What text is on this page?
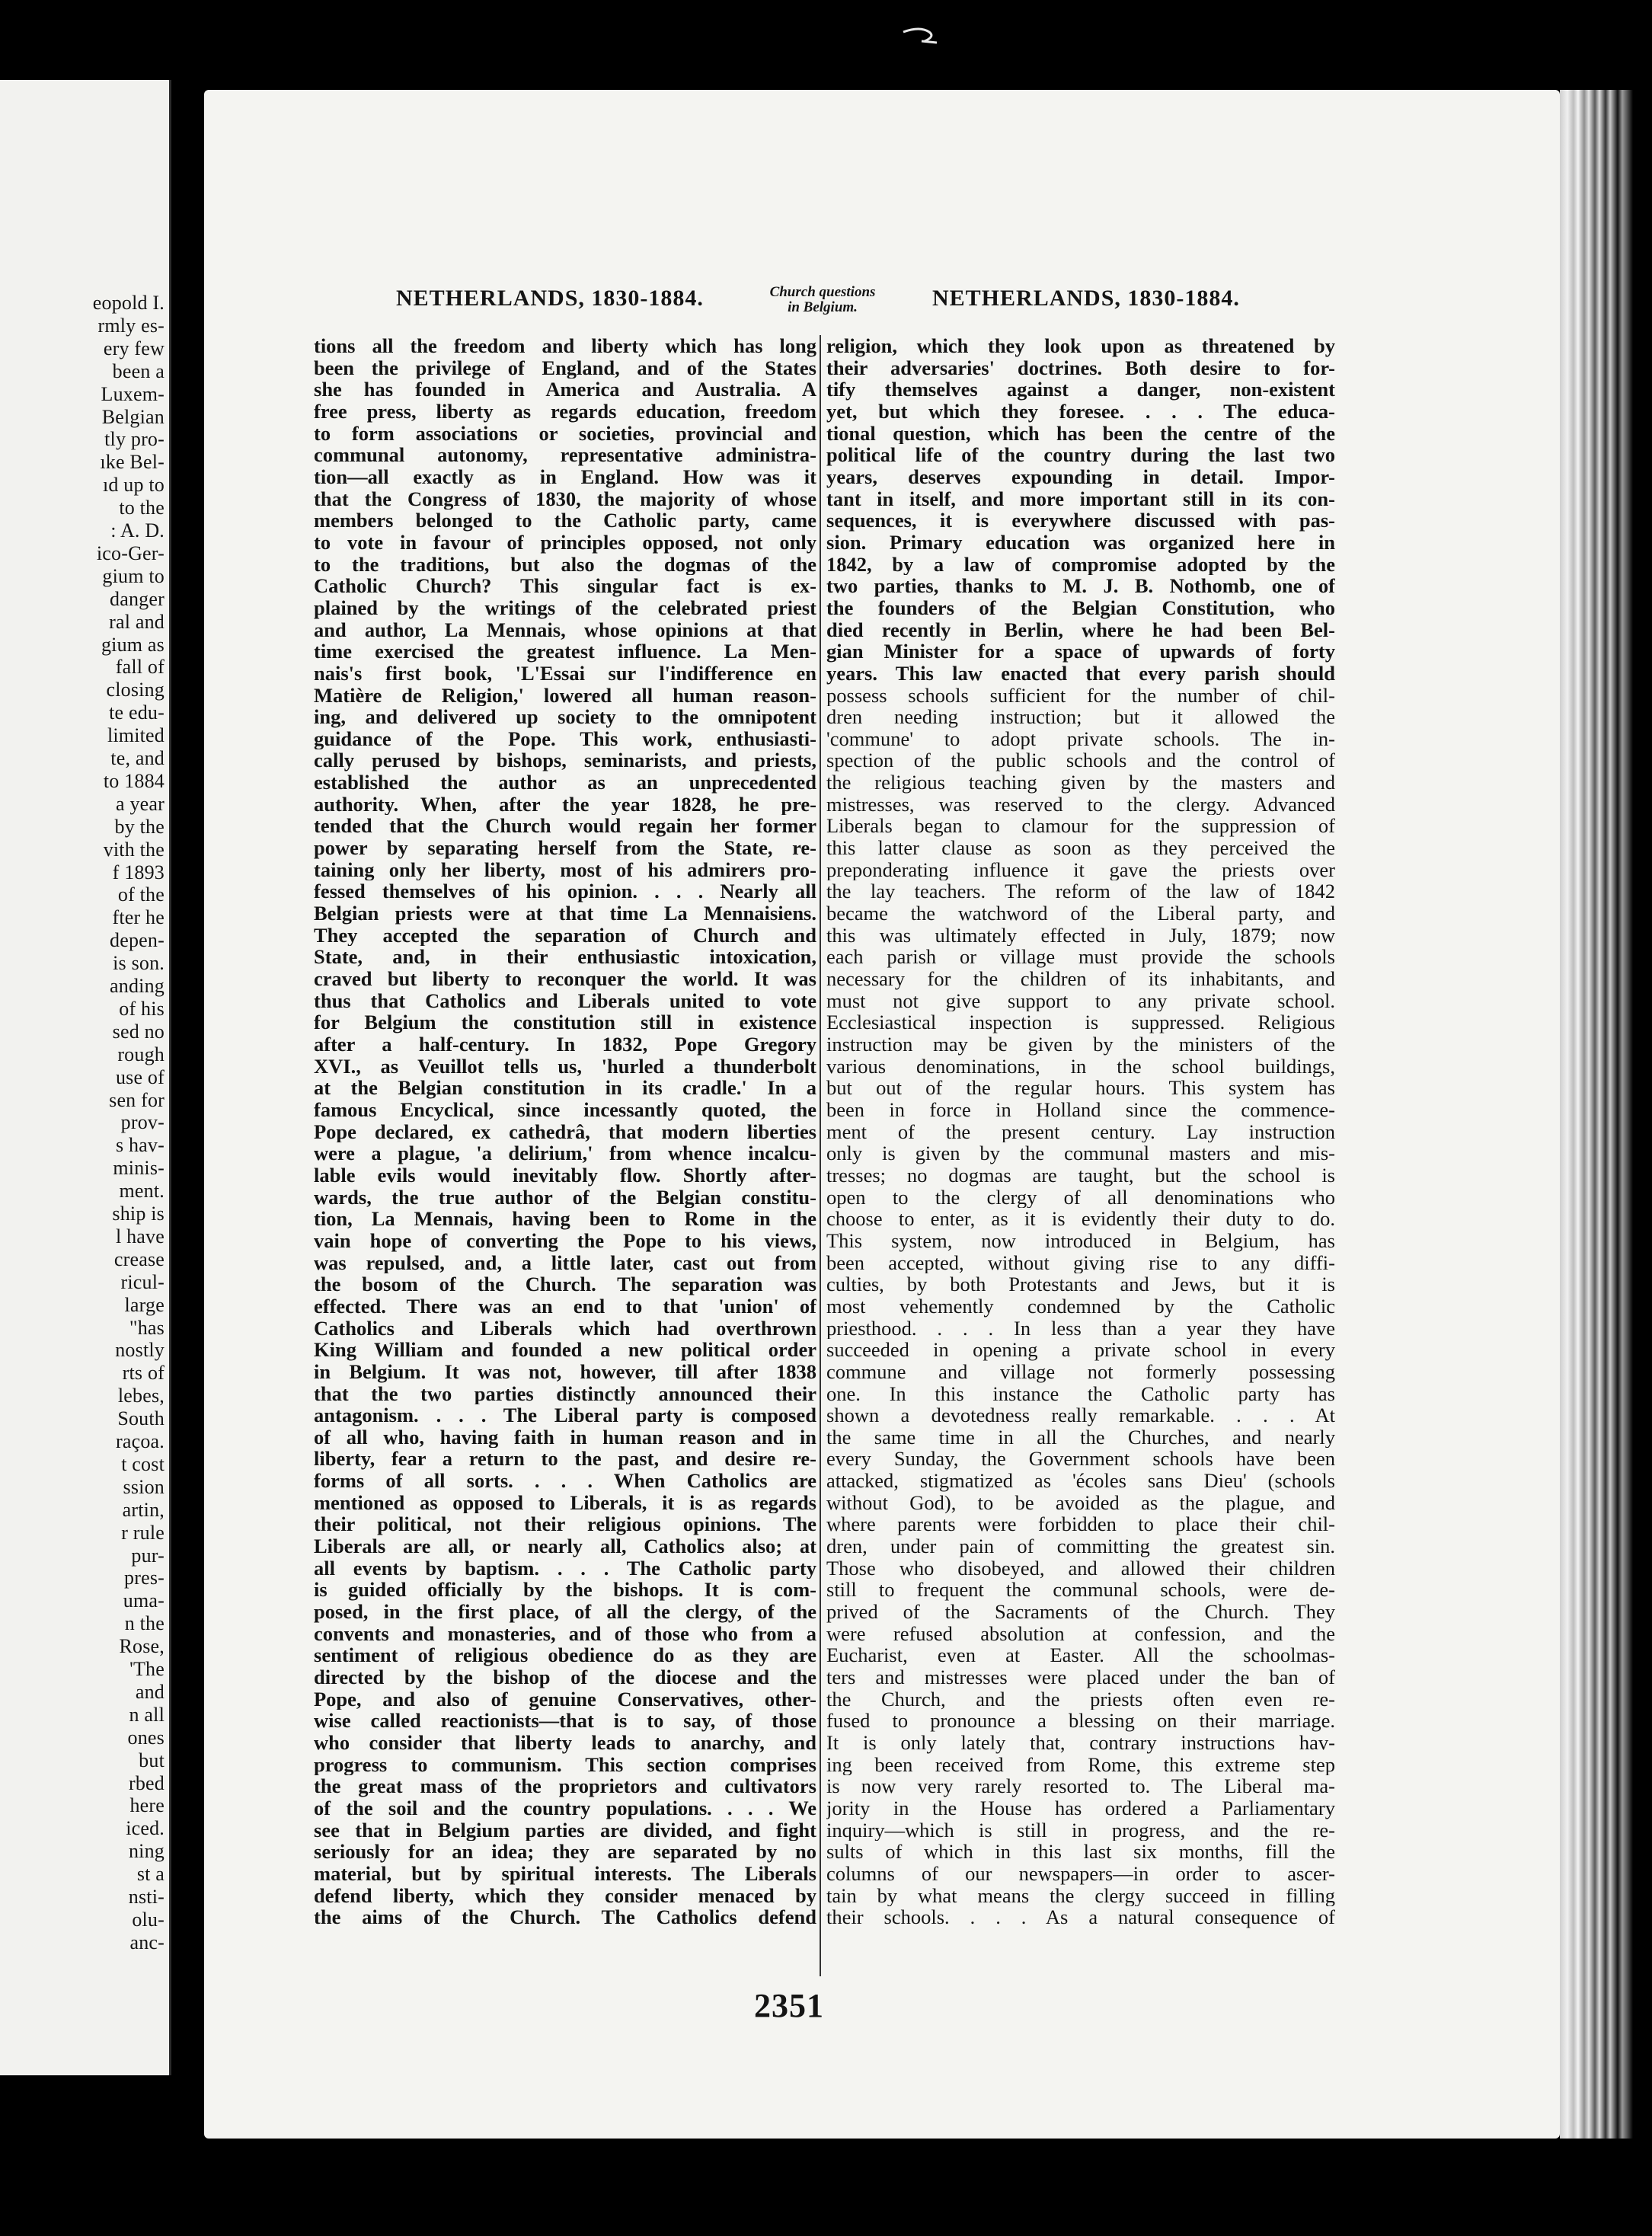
eopold I.
rmly es-
ery few
been a
Luxem-
Belgian
tly pro-
ıke Bel-
ıd up to
to the
: A. D.
ico-Ger-
gium to
danger
ral and
gium as
fall of
closing
te edu-
limited
te, and
to 1884
a year
by the
vith the
f 1893
of the
fter he
depen-
is son.
anding
of his
sed no
rough
use of
sen for
prov-
s hav-
minis-
ment.
ship is
l have
crease
ricul-
large
"has
nostly
rts of
lebes,
South
raçoa.
t cost
ssion
artin,
r rule
pur-
pres-
uma-
n the
Rose,
'The
and
n all
ones
but
rbed
here
iced.
ning
st a
nsti-
olu-
anc-
NETHERLANDS, 1830-1884.	Church questions
in Belgium.	NETHERLANDS, 1830-1884.
tions all the freedom and liberty which has long
been the privilege of England, and of the States
she has founded in America and Australia. A
free press, liberty as regards education, freedom
to form associations or societies, provincial and
communal autonomy, representative administra-
tion—all exactly as in England. How was it
that the Congress of 1830, the majority of whose
members belonged to the Catholic party, came
to vote in favour of principles opposed, not only
to the traditions, but also the dogmas of the
Catholic Church? This singular fact is ex-
plained by the writings of the celebrated priest
and author, La Mennais, whose opinions at that
time exercised the greatest influence. La Men-
nais's first book, 'L'Essai sur l'indifference en
Matière de Religion,' lowered all human reason-
ing, and delivered up society to the omnipotent
guidance of the Pope. This work, enthusiasti-
cally perused by bishops, seminarists, and priests,
established the author as an unprecedented
authority. When, after the year 1828, he pre-
tended that the Church would regain her former
power by separating herself from the State, re-
taining only her liberty, most of his admirers pro-
fessed themselves of his opinion. . . . Nearly all
Belgian priests were at that time La Mennaisiens.
They accepted the separation of Church and
State, and, in their enthusiastic intoxication,
craved but liberty to reconquer the world. It was
thus that Catholics and Liberals united to vote
for Belgium the constitution still in existence
after a half-century. In 1832, Pope Gregory
XVI., as Veuillot tells us, 'hurled a thunderbolt
at the Belgian constitution in its cradle.' In a
famous Encyclical, since incessantly quoted, the
Pope declared, ex cathedrâ, that modern liberties
were a plague, 'a delirium,' from whence incalcu-
lable evils would inevitably flow. Shortly after-
wards, the true author of the Belgian constitu-
tion, La Mennais, having been to Rome in the
vain hope of converting the Pope to his views,
was repulsed, and, a little later, cast out from
the bosom of the Church. The separation was
effected. There was an end to that 'union' of
Catholics and Liberals which had overthrown
King William and founded a new political order
in Belgium. It was not, however, till after 1838
that the two parties distinctly announced their
antagonism. . . . The Liberal party is composed
of all who, having faith in human reason and in
liberty, fear a return to the past, and desire re-
forms of all sorts. . . . When Catholics are
mentioned as opposed to Liberals, it is as regards
their political, not their religious opinions. The
Liberals are all, or nearly all, Catholics also; at
all events by baptism. . . . The Catholic party
is guided officially by the bishops. It is com-
posed, in the first place, of all the clergy, of the
convents and monasteries, and of those who from a
sentiment of religious obedience do as they are
directed by the bishop of the diocese and the
Pope, and also of genuine Conservatives, other-
wise called reactionists—that is to say, of those
who consider that liberty leads to anarchy, and
progress to communism. This section comprises
the great mass of the proprietors and cultivators
of the soil and the country populations. . . . We
see that in Belgium parties are divided, and fight
seriously for an idea; they are separated by no
material, but by spiritual interests. The Liberals
defend liberty, which they consider menaced by
the aims of the Church. The Catholics defend
religion, which they look upon as threatened by
their adversaries' doctrines. Both desire to for-
tify themselves against a danger, non-existent
yet, but which they foresee. . . . The educa-
tional question, which has been the centre of the
political life of the country during the last two
years, deserves expounding in detail. Impor-
tant in itself, and more important still in its con-
sequences, it is everywhere discussed with pas-
sion. Primary education was organized here in
1842, by a law of compromise adopted by the
two parties, thanks to M. J. B. Nothomb, one of
the founders of the Belgian Constitution, who
died recently in Berlin, where he had been Bel-
gian Minister for a space of upwards of forty
years. This law enacted that every parish should
possess schools sufficient for the number of chil-
dren needing instruction; but it allowed the
'commune' to adopt private schools. The in-
spection of the public schools and the control of
the religious teaching given by the masters and
mistresses, was reserved to the clergy. Advanced
Liberals began to clamour for the suppression of
this latter clause as soon as they perceived the
preponderating influence it gave the priests over
the lay teachers. The reform of the law of 1842
became the watchword of the Liberal party, and
this was ultimately effected in July, 1879; now
each parish or village must provide the schools
necessary for the children of its inhabitants, and
must not give support to any private school.
Ecclesiastical inspection is suppressed. Religious
instruction may be given by the ministers of the
various denominations, in the school buildings,
but out of the regular hours. This system has
been in force in Holland since the commence-
ment of the present century. Lay instruction
only is given by the communal masters and mis-
tresses; no dogmas are taught, but the school is
open to the clergy of all denominations who
choose to enter, as it is evidently their duty to do.
This system, now introduced in Belgium, has
been accepted, without giving rise to any diffi-
culties, by both Protestants and Jews, but it is
most vehemently condemned by the Catholic
priesthood. . . . In less than a year they have
succeeded in opening a private school in every
commune and village not formerly possessing
one. In this instance the Catholic party has
shown a devotedness really remarkable. . . . At
the same time in all the Churches, and nearly
every Sunday, the Government schools have been
attacked, stigmatized as 'écoles sans Dieu' (schools
without God), to be avoided as the plague, and
where parents were forbidden to place their chil-
dren, under pain of committing the greatest sin.
Those who disobeyed, and allowed their children
still to frequent the communal schools, were de-
prived of the Sacraments of the Church. They
were refused absolution at confession, and the
Eucharist, even at Easter. All the schoolmas-
ters and mistresses were placed under the ban of
the Church, and the priests often even re-
fused to pronounce a blessing on their marriage.
It is only lately that, contrary instructions hav-
ing been received from Rome, this extreme step
is now very rarely resorted to. The Liberal ma-
jority in the House has ordered a Parliamentary
inquiry—which is still in progress, and the re-
sults of which in this last six months, fill the
columns of our newspapers—in order to ascer-
tain by what means the clergy succeed in filling
their schools. . . . As a natural consequence of
2351
